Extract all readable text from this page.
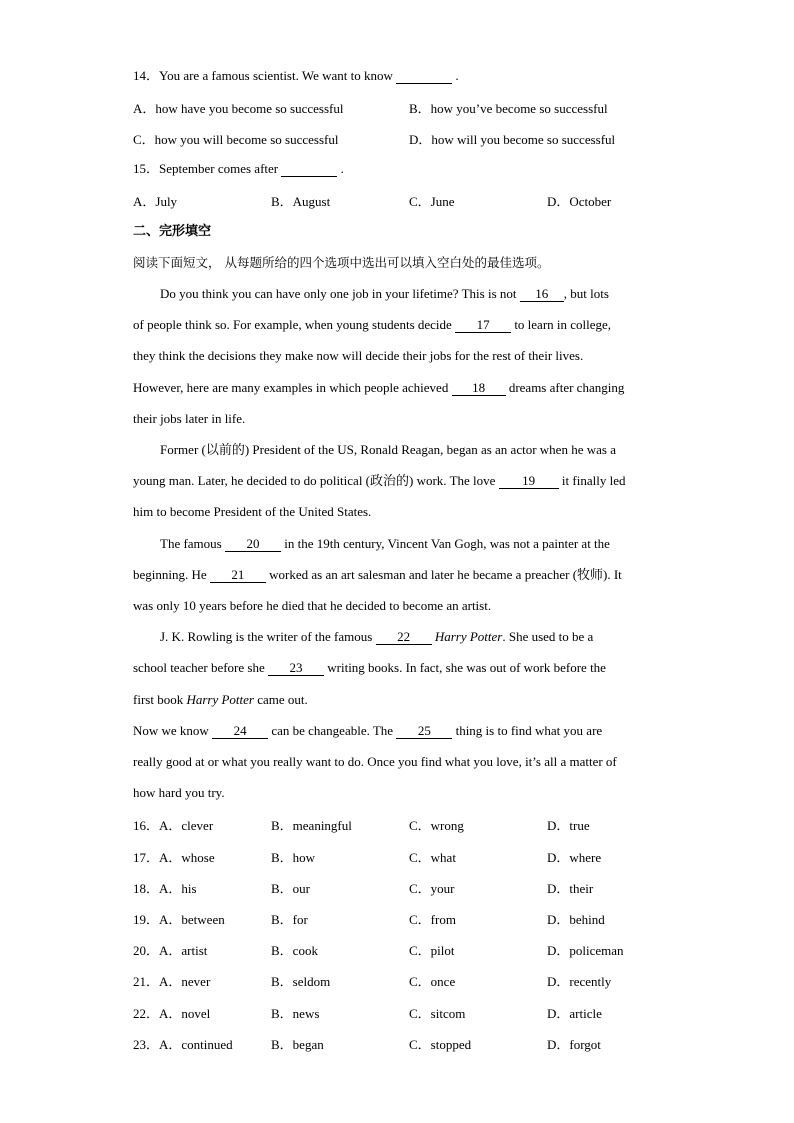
14．You are a famous scientist. We want to know	.
A．how have you become so successful	B．how you’ve become so successful
C．how you will become so successful	D．how will you become so successful
15．September comes after	.
A．July	B．August	C．June	D．October
二、完形填空
阅读下面短文， 从每题所给的四个选项中选出可以填入空白处的最佳选项。
Do you think you can have only one job in your lifetime? This is not 16 , but lots
of people think so. For example, when young students decide 17 to learn in college,
they think the decisions they make now will decide their jobs for the rest of their lives.
However, here are many examples in which people achieved 18 dreams after changing
their jobs later in life.
Former (以前的) President of the US, Ronald Reagan, began as an actor when he was a
young man. Later, he decided to do political (政治的) work. The love 19 it finally led
him to become President of the United States.
The famous 20 in the 19th century, Vincent Van Gogh, was not a painter at the
beginning. He 21 worked as an art salesman and later he became a preacher (牧师). It
was only 10 years before he died that he decided to become an artist.
J. K. Rowling is the writer of the famous 22 Harry Potter. She used to be a
school teacher before she 23 writing books. In fact, she was out of work before the
first book Harry Potter came out.
Now we know 24 can be changeable. The 25 thing is to find what you are
really good at or what you really want to do. Once you find what you love, it’s all a matter of
how hard you try.
16．A．clever	B．meaningful	C．wrong	D．true
17．A．whose	B．how	C．what	D．where
18．A．his	B．our	C．your	D．their
19．A．between	B．for	C．from	D．behind
20．A．artist	B．cook	C．pilot	D．policeman
21．A．never	B．seldom	C．once	D．recently
22．A．novel	B．news	C．sitcom	D．article
23．A．continued	B．began	C．stopped	D．forgot
